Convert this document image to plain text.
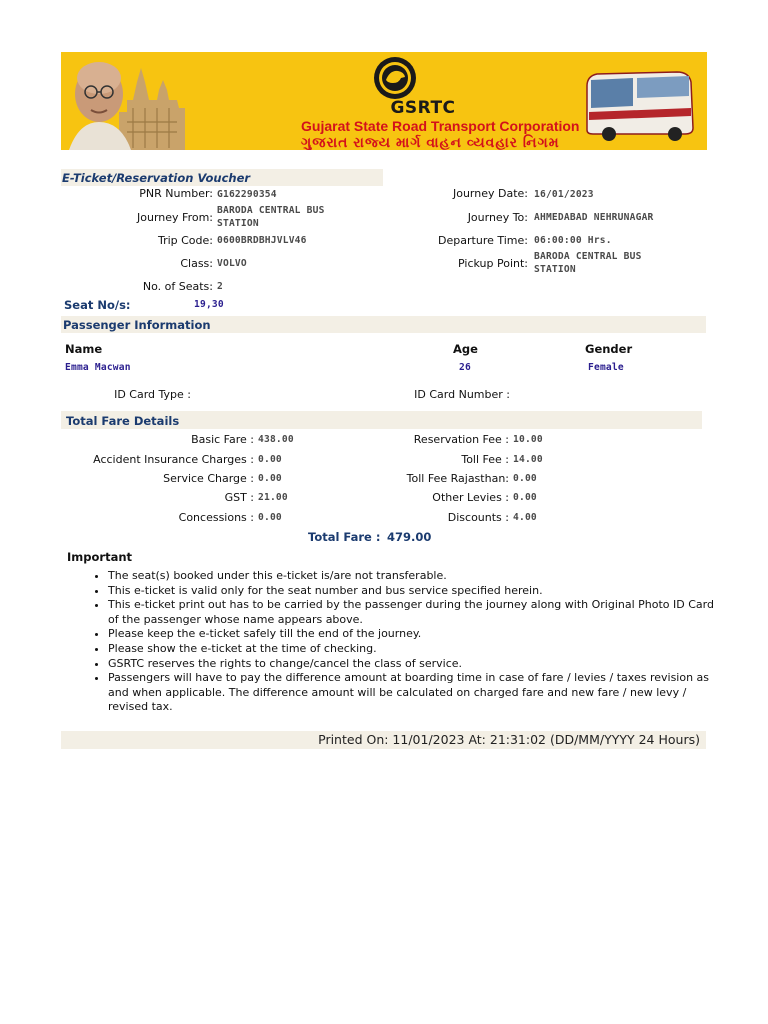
GSRTC
Gujarat State Road Transport Corporation
ગુજરાત રાજ્ય માર્ગ વાહન વ્યવહાર નિગમ
E-Ticket/Reservation Voucher
PNR Number: G162290354	Journey Date: 16/01/2023
Journey From:
BARODA CENTRAL BUS STATION	Journey To: AHMEDABAD NEHRUNAGAR
Trip Code: 0600BRDBHJVLV46	Departure Time: 06:00:00 Hrs.
Class: VOLVO	Pickup Point:
BARODA CENTRAL BUS STATION
No. of Seats: 2
Seat No/s:	19,30
Passenger Information
Name	Age	Gender
Emma Macwan	26	Female
ID Card Type :	ID Card Number :
Total Fare Details
Basic Fare : 438.00	Reservation Fee : 10.00
Accident Insurance Charges : 0.00	Toll Fee : 14.00
Service Charge : 0.00	Toll Fee Rajasthan: 0.00
GST : 21.00	Other Levies : 0.00
Concessions : 0.00	Discounts : 4.00
Total Fare : 479.00
Important
• The seat(s) booked under this e-ticket is/are not transferable.
• This e-ticket is valid only for the seat number and bus service specified herein.
• This e-ticket print out has to be carried by the passenger during the journey along with Original Photo ID Card of the passenger whose name appears above.
• Please keep the e-ticket safely till the end of the journey.
• Please show the e-ticket at the time of checking.
• GSRTC reserves the rights to change/cancel the class of service.
• Passengers will have to pay the difference amount at boarding time in case of fare / levies / taxes revision as and when applicable. The difference amount will be calculated on charged fare and new fare / new levy / revised tax.
Printed On: 11/01/2023 At: 21:31:02 (DD/MM/YYYY 24 Hours)
